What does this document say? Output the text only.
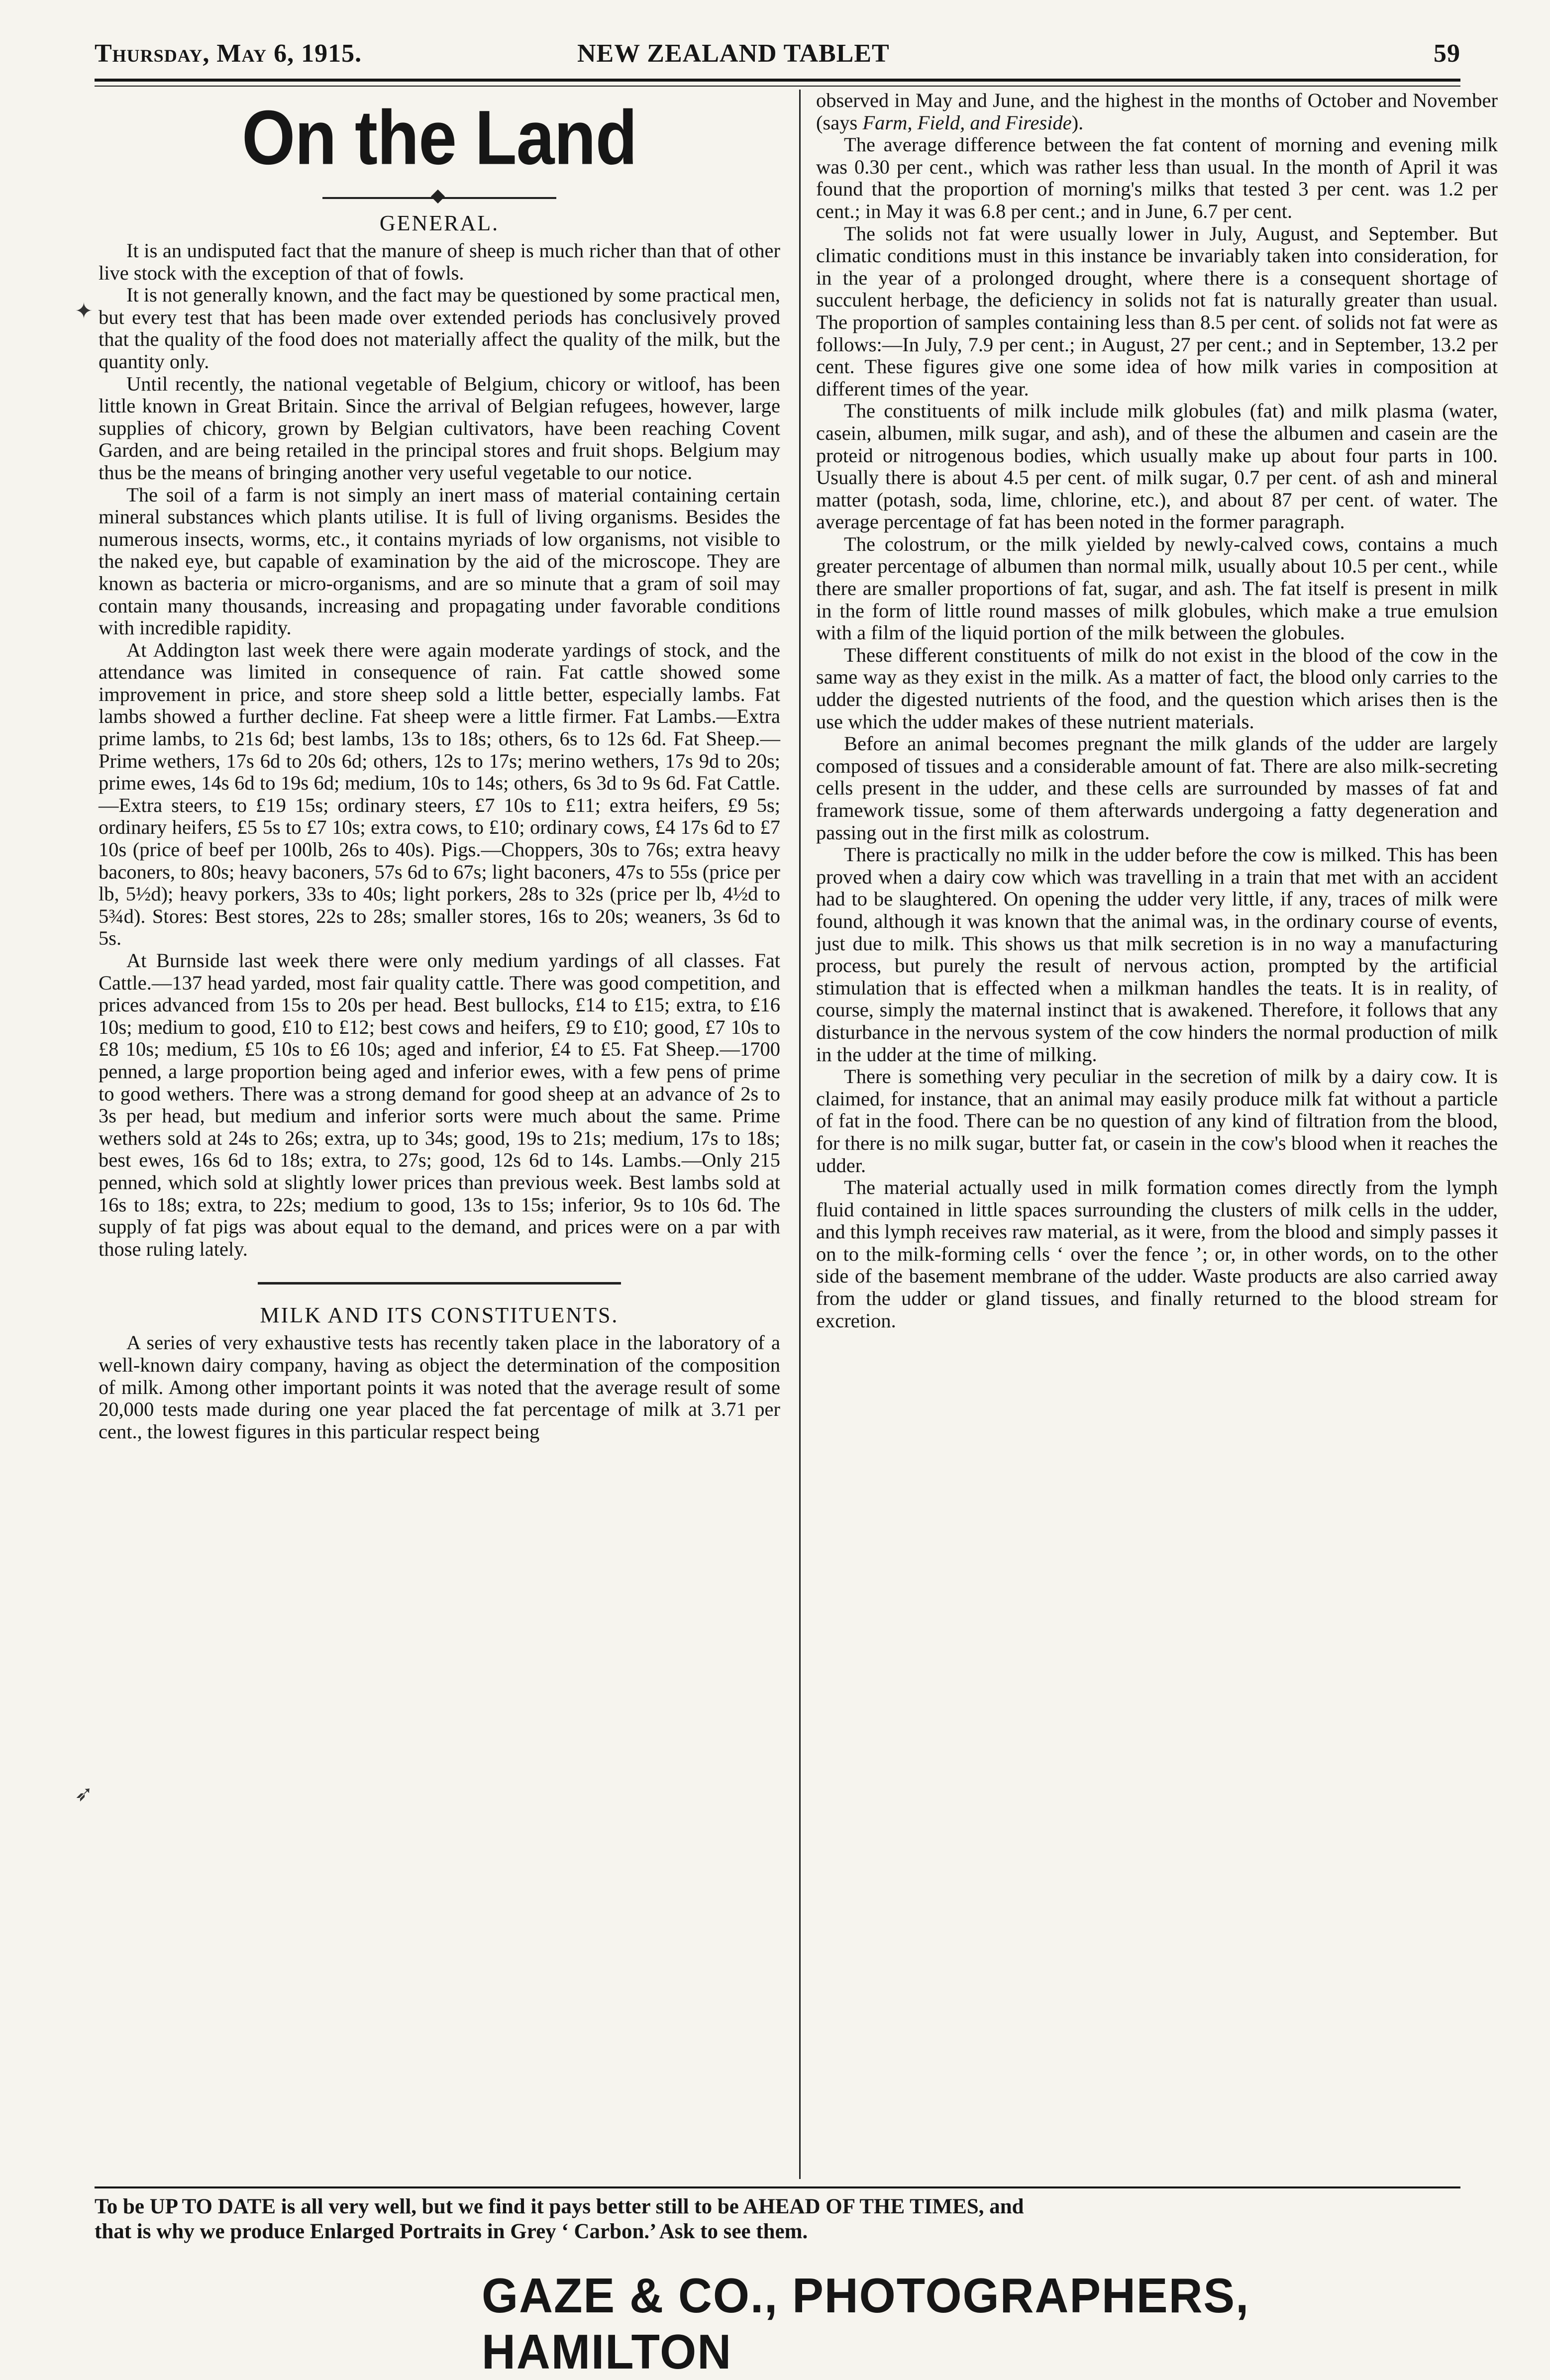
Thursday, May 6, 1915.	NEW ZEALAND TABLET	59
On the Land
GENERAL.

It is an undisputed fact that the manure of sheep is much richer than that of other live stock with the exception of that of fowls.

It is not generally known, and the fact may be questioned by some practical men, but every test that has been made over extended periods has conclusively proved that the quality of the food does not materially affect the quality of the milk, but the quantity only.

Until recently, the national vegetable of Belgium, chicory or witloof, has been little known in Great Britain. Since the arrival of Belgian refugees, however, large supplies of chicory, grown by Belgian cultivators, have been reaching Covent Garden, and are being retailed in the principal stores and fruit shops. Belgium may thus be the means of bringing another very useful vegetable to our notice.

The soil of a farm is not simply an inert mass of material containing certain mineral substances which plants utilise. It is full of living organisms. Besides the numerous insects, worms, etc., it contains myriads of low organisms, not visible to the naked eye, but capable of examination by the aid of the microscope. They are known as bacteria or micro-organisms, and are so minute that a gram of soil may contain many thousands, increasing and propagating under favorable conditions with incredible rapidity.

At Addington last week there were again moderate yardings of stock, and the attendance was limited in consequence of rain. Fat cattle showed some improvement in price, and store sheep sold a little better, especially lambs. Fat lambs showed a further decline. Fat sheep were a little firmer. Fat Lambs.—Extra prime lambs, to 21s 6d; best lambs, 13s to 18s; others, 6s to 12s 6d. Fat Sheep.—Prime wethers, 17s 6d to 20s 6d; others, 12s to 17s; merino wethers, 17s 9d to 20s; prime ewes, 14s 6d to 19s 6d; medium, 10s to 14s; others, 6s 3d to 9s 6d. Fat Cattle.—Extra steers, to £19 15s; ordinary steers, £7 10s to £11; extra heifers, £9 5s; ordinary heifers, £5 5s to £7 10s; extra cows, to £10; ordinary cows, £4 17s 6d to £7 10s (price of beef per 100lb, 26s to 40s). Pigs.—Choppers, 30s to 76s; extra heavy baconers, to 80s; heavy baconers, 57s 6d to 67s; light baconers, 47s to 55s (price per lb, 5½d); heavy porkers, 33s to 40s; light porkers, 28s to 32s (price per lb, 4½d to 5¾d). Stores: Best stores, 22s to 28s; smaller stores, 16s to 20s; weaners, 3s 6d to 5s.

At Burnside last week there were only medium yardings of all classes. Fat Cattle.—137 head yarded, most fair quality cattle. There was good competition, and prices advanced from 15s to 20s per head. Best bullocks, £14 to £15; extra, to £16 10s; medium to good, £10 to £12; best cows and heifers, £9 to £10; good, £7 10s to £8 10s; medium, £5 10s to £6 10s; aged and inferior, £4 to £5. Fat Sheep.—1700 penned, a large proportion being aged and inferior ewes, with a few pens of prime to good wethers. There was a strong demand for good sheep at an advance of 2s to 3s per head, but medium and inferior sorts were much about the same. Prime wethers sold at 24s to 26s; extra, up to 34s; good, 19s to 21s; medium, 17s to 18s; best ewes, 16s 6d to 18s; extra, to 27s; good, 12s 6d to 14s. Lambs.—Only 215 penned, which sold at slightly lower prices than previous week. Best lambs sold at 16s to 18s; extra, to 22s; medium to good, 13s to 15s; inferior, 9s to 10s 6d. The supply of fat pigs was about equal to the demand, and prices were on a par with those ruling lately.

MILK AND ITS CONSTITUENTS.

A series of very exhaustive tests has recently taken place in the laboratory of a well-known dairy company, having as object the determination of the composition of milk. Among other important points it was noted that the average result of some 20,000 tests made during one year placed the fat percentage of milk at 3.71 per cent., the lowest figures in this particular respect being

observed in May and June, and the highest in the months of October and November (says Farm, Field, and Fireside).

The average difference between the fat content of morning and evening milk was 0.30 per cent., which was rather less than usual. In the month of April it was found that the proportion of morning's milks that tested 3 per cent. was 1.2 per cent.; in May it was 6.8 per cent.; and in June, 6.7 per cent.

The solids not fat were usually lower in July, August, and September. But climatic conditions must in this instance be invariably taken into consideration, for in the year of a prolonged drought, where there is a consequent shortage of succulent herbage, the deficiency in solids not fat is naturally greater than usual. The proportion of samples containing less than 8.5 per cent. of solids not fat were as follows:—In July, 7.9 per cent.; in August, 27 per cent.; and in September, 13.2 per cent. These figures give one some idea of how milk varies in composition at different times of the year.

The constituents of milk include milk globules (fat) and milk plasma (water, casein, albumen, milk sugar, and ash), and of these the albumen and casein are the proteid or nitrogenous bodies, which usually make up about four parts in 100. Usually there is about 4.5 per cent. of milk sugar, 0.7 per cent. of ash and mineral matter (potash, soda, lime, chlorine, etc.), and about 87 per cent. of water. The average percentage of fat has been noted in the former paragraph.

The colostrum, or the milk yielded by newly-calved cows, contains a much greater percentage of albumen than normal milk, usually about 10.5 per cent., while there are smaller proportions of fat, sugar, and ash. The fat itself is present in milk in the form of little round masses of milk globules, which make a true emulsion with a film of the liquid portion of the milk between the globules.

These different constituents of milk do not exist in the blood of the cow in the same way as they exist in the milk. As a matter of fact, the blood only carries to the udder the digested nutrients of the food, and the question which arises then is the use which the udder makes of these nutrient materials.

Before an animal becomes pregnant the milk glands of the udder are largely composed of tissues and a considerable amount of fat. There are also milk-secreting cells present in the udder, and these cells are surrounded by masses of fat and framework tissue, some of them afterwards undergoing a fatty degeneration and passing out in the first milk as colostrum.

There is practically no milk in the udder before the cow is milked. This has been proved when a dairy cow which was travelling in a train that met with an accident had to be slaughtered. On opening the udder very little, if any, traces of milk were found, although it was known that the animal was, in the ordinary course of events, just due to milk. This shows us that milk secretion is in no way a manufacturing process, but purely the result of nervous action, prompted by the artificial stimulation that is effected when a milkman handles the teats. It is in reality, of course, simply the maternal instinct that is awakened. Therefore, it follows that any disturbance in the nervous system of the cow hinders the normal production of milk in the udder at the time of milking.

There is something very peculiar in the secretion of milk by a dairy cow. It is claimed, for instance, that an animal may easily produce milk fat without a particle of fat in the food. There can be no question of any kind of filtration from the blood, for there is no milk sugar, butter fat, or casein in the cow's blood when it reaches the udder.

The material actually used in milk formation comes directly from the lymph fluid contained in little spaces surrounding the clusters of milk cells in the udder, and this lymph receives raw material, as it were, from the blood and simply passes it on to the milk-forming cells ‘ over the fence ’; or, in other words, on to the other side of the basement membrane of the udder. Waste products are also carried away from the udder or gland tissues, and finally returned to the blood stream for excretion.

To be UP TO DATE is all very well, but we find it pays better still to be AHEAD OF THE TIMES, and
that is why we produce Enlarged Portraits in Grey ‘ Carbon.’ Ask to see them.
GAZE & CO., PHOTOGRAPHERS, HAMILTON
✦
➶
